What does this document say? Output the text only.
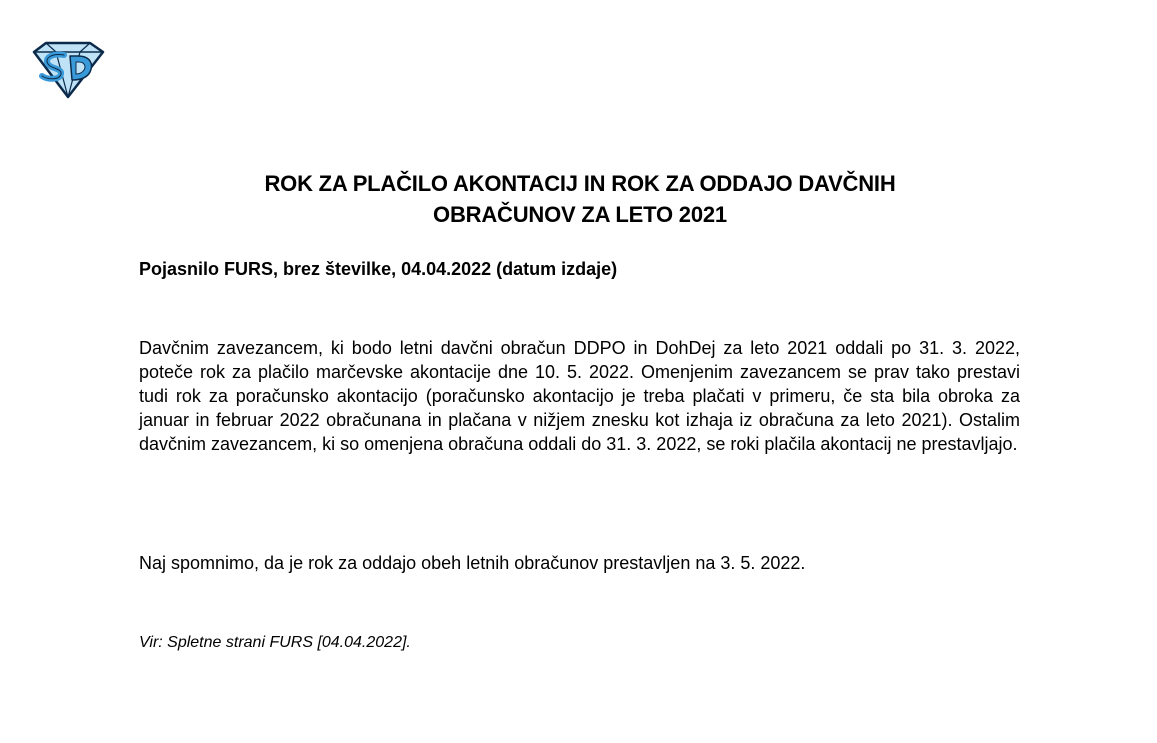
ROK ZA PLAČILO AKONTACIJ IN ROK ZA ODDAJO DAVČNIH
OBRAČUNOV ZA LETO 2021

Pojasnilo FURS, brez številke, 04.04.2022 (datum izdaje)

Davčnim zavezancem, ki bodo letni davčni obračun DDPO in DohDej za leto 2021 oddali po 31. 3. 2022, poteče rok za plačilo marčevske akontacije dne 10. 5. 2022. Omenjenim zavezancem se prav tako prestavi tudi rok za poračunsko akontacijo (poračunsko akontacijo je treba plačati v primeru, če sta bila obroka za januar in februar 2022 obračunana in plačana v nižjem znesku kot izhaja iz obračuna za leto 2021). Ostalim davčnim zavezancem, ki so omenjena obračuna oddali do 31. 3. 2022, se roki plačila akontacij ne prestavljajo.

Naj spomnimo, da je rok za oddajo obeh letnih obračunov prestavljen na 3. 5. 2022.

Vir: Spletne strani FURS [04.04.2022].
